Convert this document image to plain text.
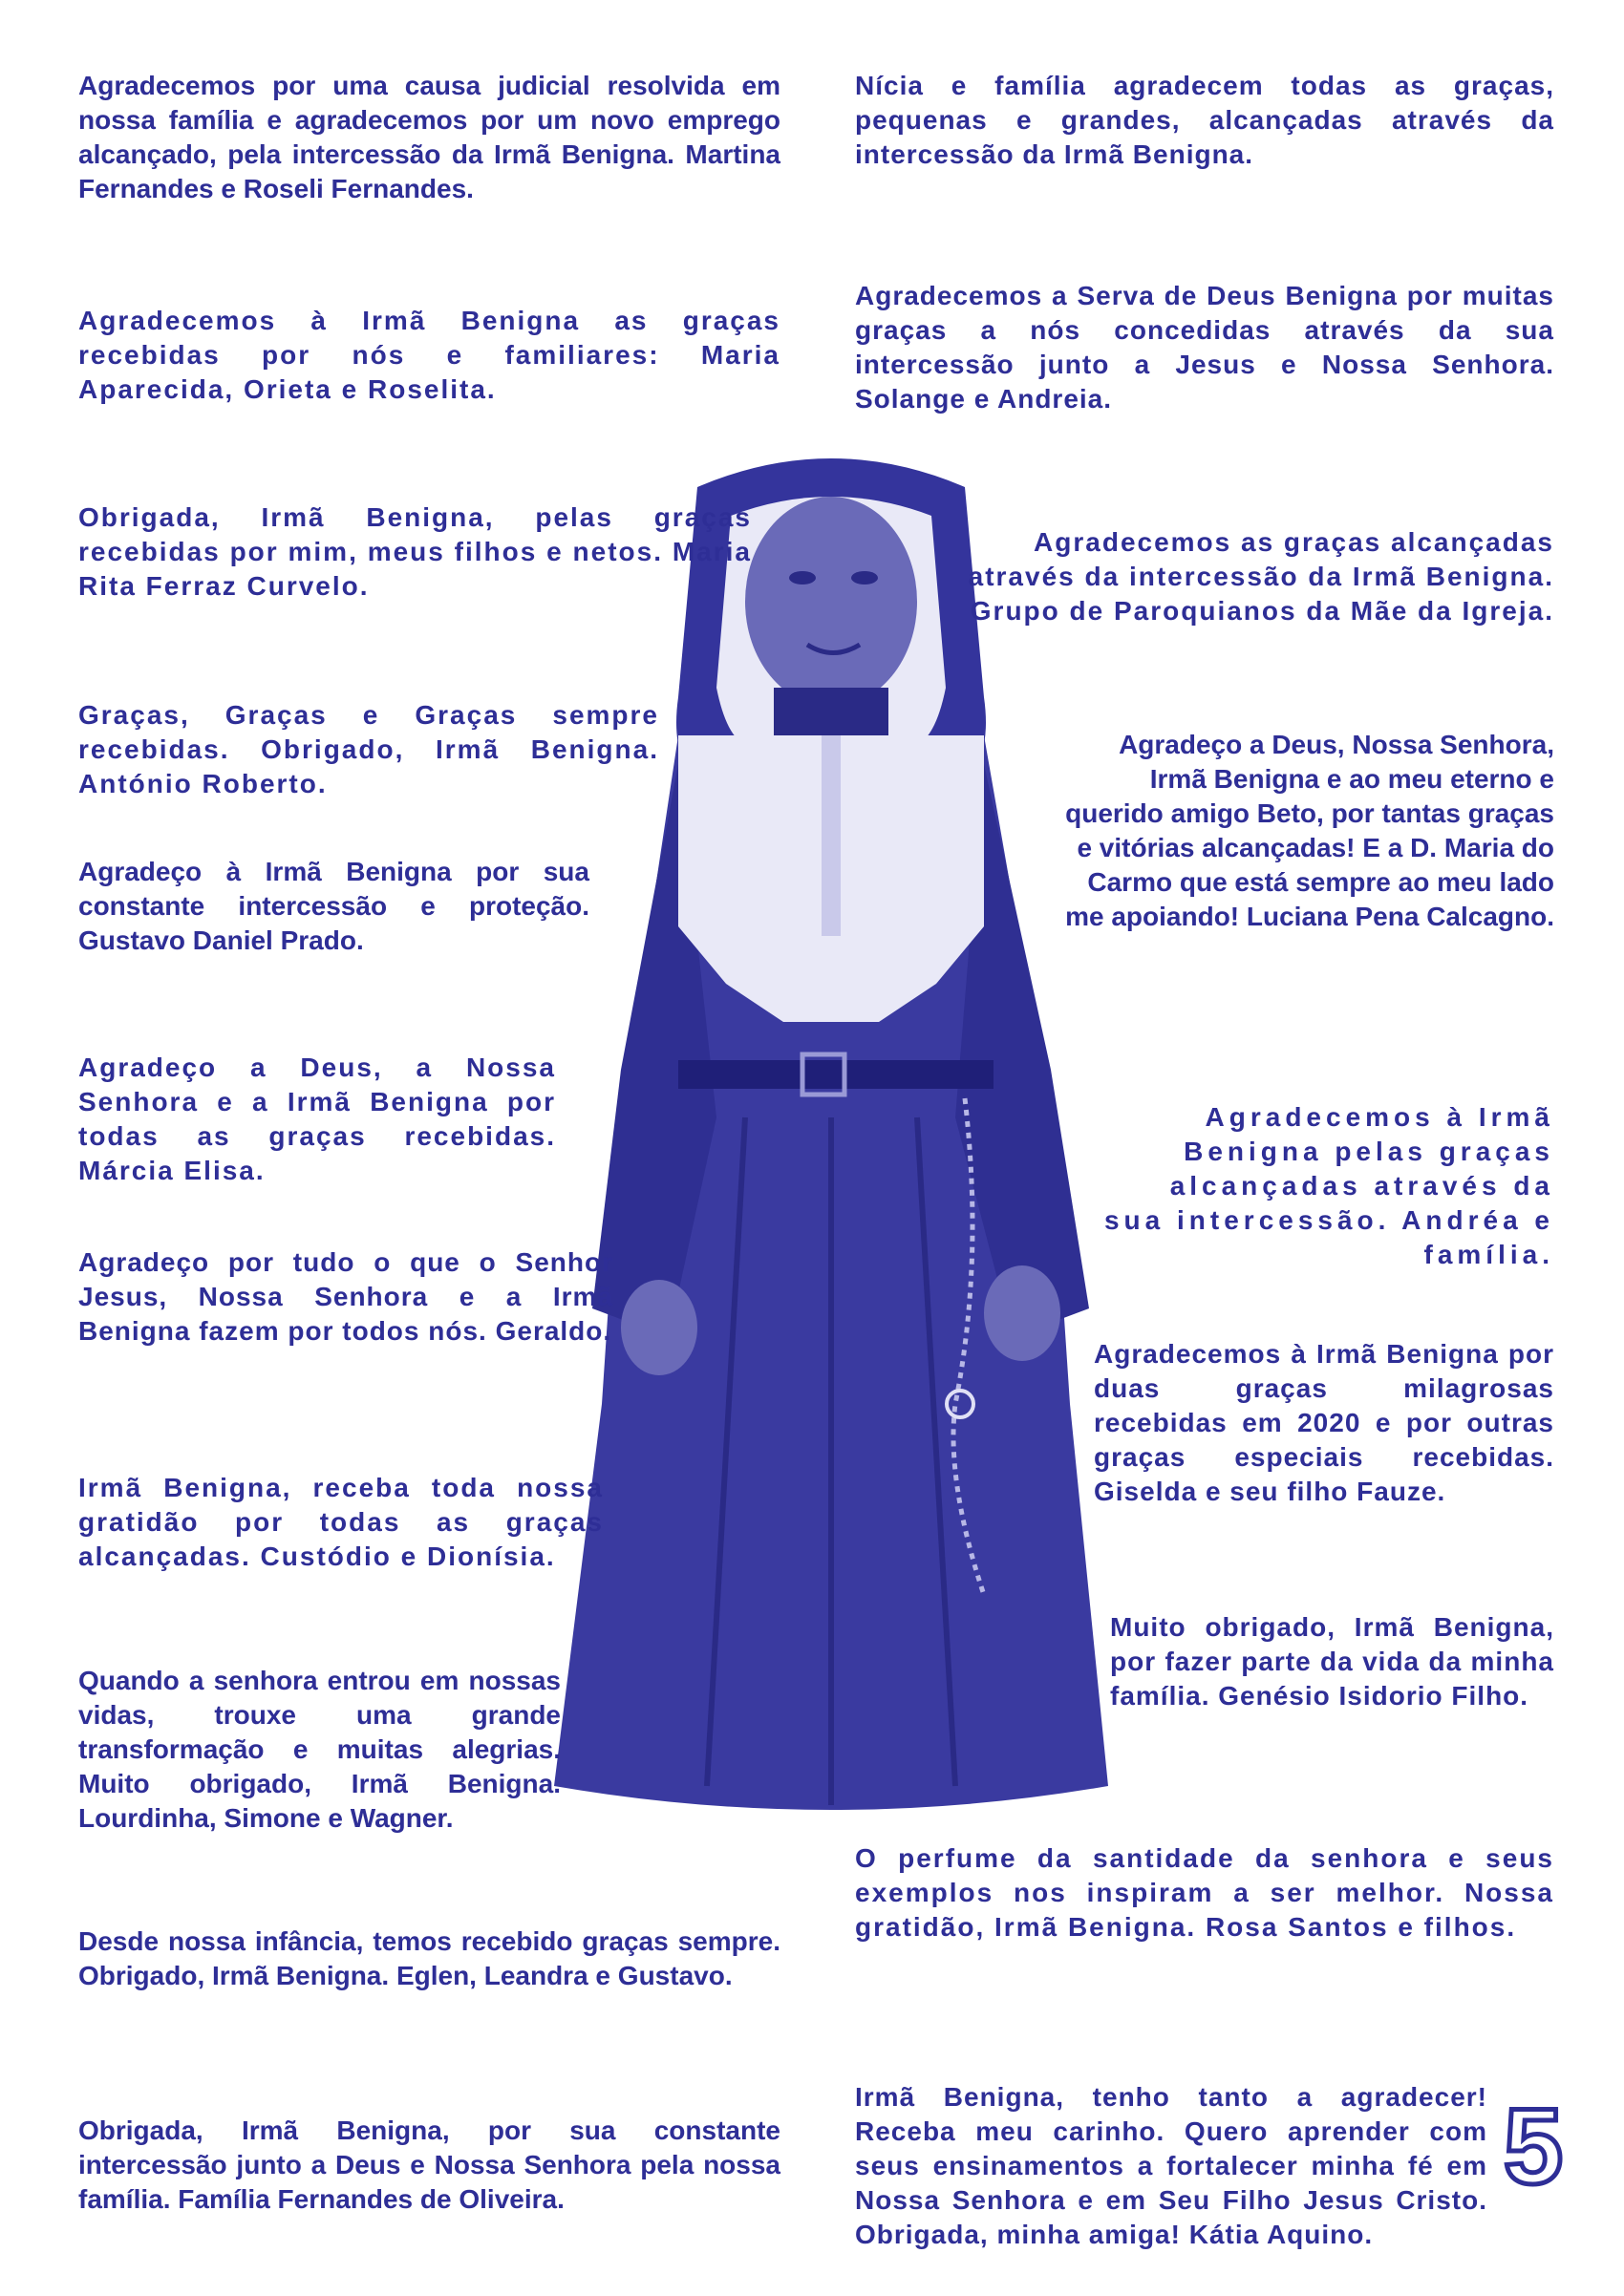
Agradecemos por uma causa judicial resolvida em nossa família e agradecemos por um novo emprego alcançado, pela intercessão da Irmã Benigna. Martina Fernandes e Roseli Fernandes.

Agradecemos à Irmã Benigna as graças recebidas por nós e familiares: Maria Aparecida, Orieta e Roselita.

Obrigada, Irmã Benigna, pelas graças recebidas por mim, meus filhos e netos. Maria Rita Ferraz Curvelo.

Graças, Graças e Graças sempre recebidas. Obrigado, Irmã Benigna. António Roberto.

Agradeço à Irmã Benigna por sua constante intercessão e proteção. Gustavo Daniel Prado.

Agradeço a Deus, a Nossa Senhora e a Irmã Benigna por todas as graças recebidas. Márcia Elisa.

Agradeço por tudo o que o Senhor Jesus, Nossa Senhora e a Irmã Benigna fazem por todos nós. Geraldo.

Irmã Benigna, receba toda nossa gratidão por todas as graças alcançadas. Custódio e Dionísia.

Quando a senhora entrou em nossas vidas, trouxe uma grande transformação e muitas alegrias. Muito obrigado, Irmã Benigna. Lourdinha, Simone e Wagner.

Desde nossa infância, temos recebido graças sempre. Obrigado, Irmã Benigna. Eglen, Leandra e Gustavo.

Obrigada, Irmã Benigna, por sua constante intercessão junto a Deus e Nossa Senhora pela nossa família. Família Fernandes de Oliveira.

Nícia e família agradecem todas as graças, pequenas e grandes, alcançadas através da intercessão da Irmã Benigna.

Agradecemos a Serva de Deus Benigna por muitas graças a nós concedidas através da sua intercessão junto a Jesus e Nossa Senhora. Solange e Andreia.

Agradecemos as graças alcançadas através da intercessão da Irmã Benigna. Grupo de Paroquianos da Mãe da Igreja.

Agradeço a Deus, Nossa Senhora, Irmã Benigna e ao meu eterno e querido amigo Beto, por tantas graças e vitórias alcançadas! E a D. Maria do Carmo que está sempre ao meu lado me apoiando! Luciana Pena Calcagno.

Agradecemos à Irmã Benigna pelas graças alcançadas através da sua intercessão. Andréa e família.

Agradecemos à Irmã Benigna por duas graças milagrosas recebidas em 2020 e por outras graças especiais recebidas. Giselda e seu filho Fauze.

Muito obrigado, Irmã Benigna, por fazer parte da vida da minha família. Genésio Isidorio Filho.

O perfume da santidade da senhora e seus exemplos nos inspiram a ser melhor. Nossa gratidão, Irmã Benigna. Rosa Santos e filhos.

Irmã Benigna, tenho tanto a agradecer! Receba meu carinho. Quero aprender com seus ensinamentos a fortalecer minha fé em Nossa Senhora e em Seu Filho Jesus Cristo. Obrigada, minha amiga! Kátia Aquino.

5
